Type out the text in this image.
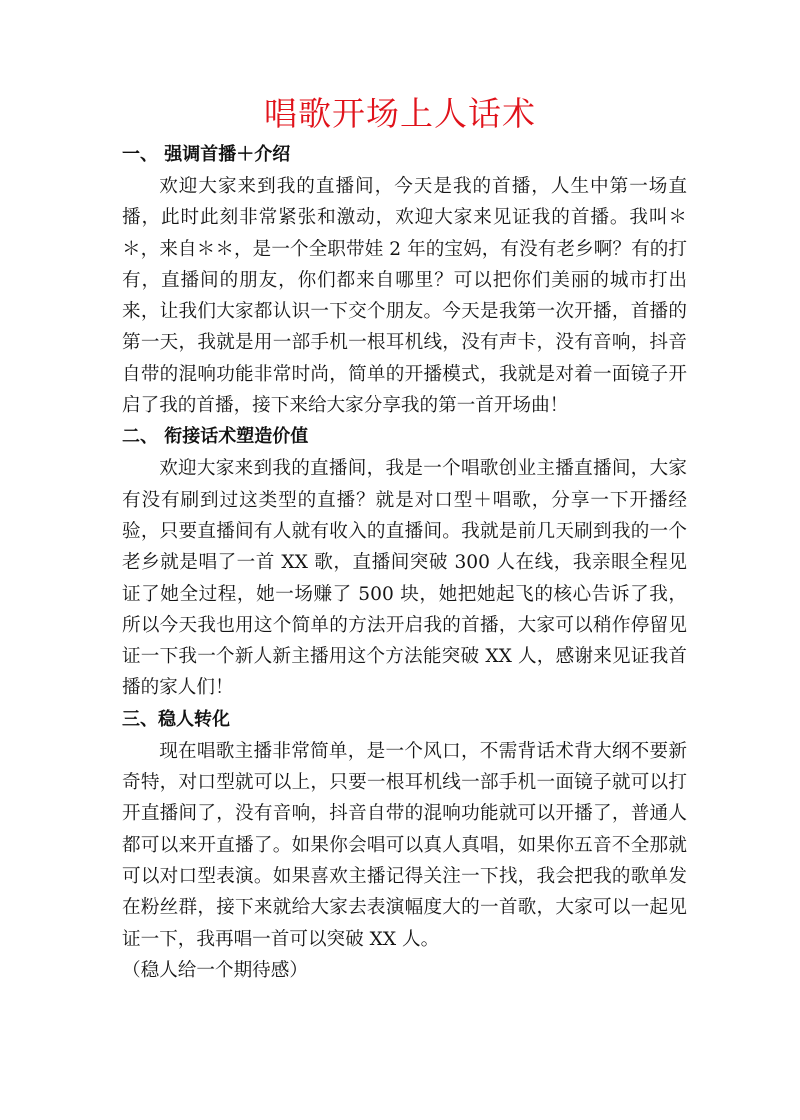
唱歌开场上人话术
一、 强调首播＋介绍

欢迎大家来到我的直播间，今天是我的首播，人生中第一场直播，此时此刻非常紧张和激动，欢迎大家来见证我的首播。我叫＊＊，来自＊＊，是一个全职带娃 2 年的宝妈，有没有老乡啊？有的打有，直播间的朋友，你们都来自哪里？可以把你们美丽的城市打出来，让我们大家都认识一下交个朋友。今天是我第一次开播，首播的第一天，我就是用一部手机一根耳机线，没有声卡，没有音响，抖音自带的混响功能非常时尚，简单的开播模式，我就是对着一面镜子开启了我的首播，接下来给大家分享我的第一首开场曲！

二、 衔接话术塑造价值

欢迎大家来到我的直播间，我是一个唱歌创业主播直播间，大家有没有刷到过这类型的直播？就是对口型＋唱歌，分享一下开播经验，只要直播间有人就有收入的直播间。我就是前几天刷到我的一个老乡就是唱了一首 XX 歌，直播间突破 300 人在线，我亲眼全程见证了她全过程，她一场赚了 500 块，她把她起飞的核心告诉了我，所以今天我也用这个简单的方法开启我的首播，大家可以稍作停留见证一下我一个新人新主播用这个方法能突破 XX 人，感谢来见证我首播的家人们！

三、稳人转化

现在唱歌主播非常简单，是一个风口，不需背话术背大纲不要新奇特，对口型就可以上，只要一根耳机线一部手机一面镜子就可以打开直播间了，没有音响，抖音自带的混响功能就可以开播了，普通人都可以来开直播了。如果你会唱可以真人真唱，如果你五音不全那就可以对口型表演。如果喜欢主播记得关注一下找，我会把我的歌单发在粉丝群，接下来就给大家去表演幅度大的一首歌，大家可以一起见证一下，我再唱一首可以突破 XX 人。

（稳人给一个期待感）
